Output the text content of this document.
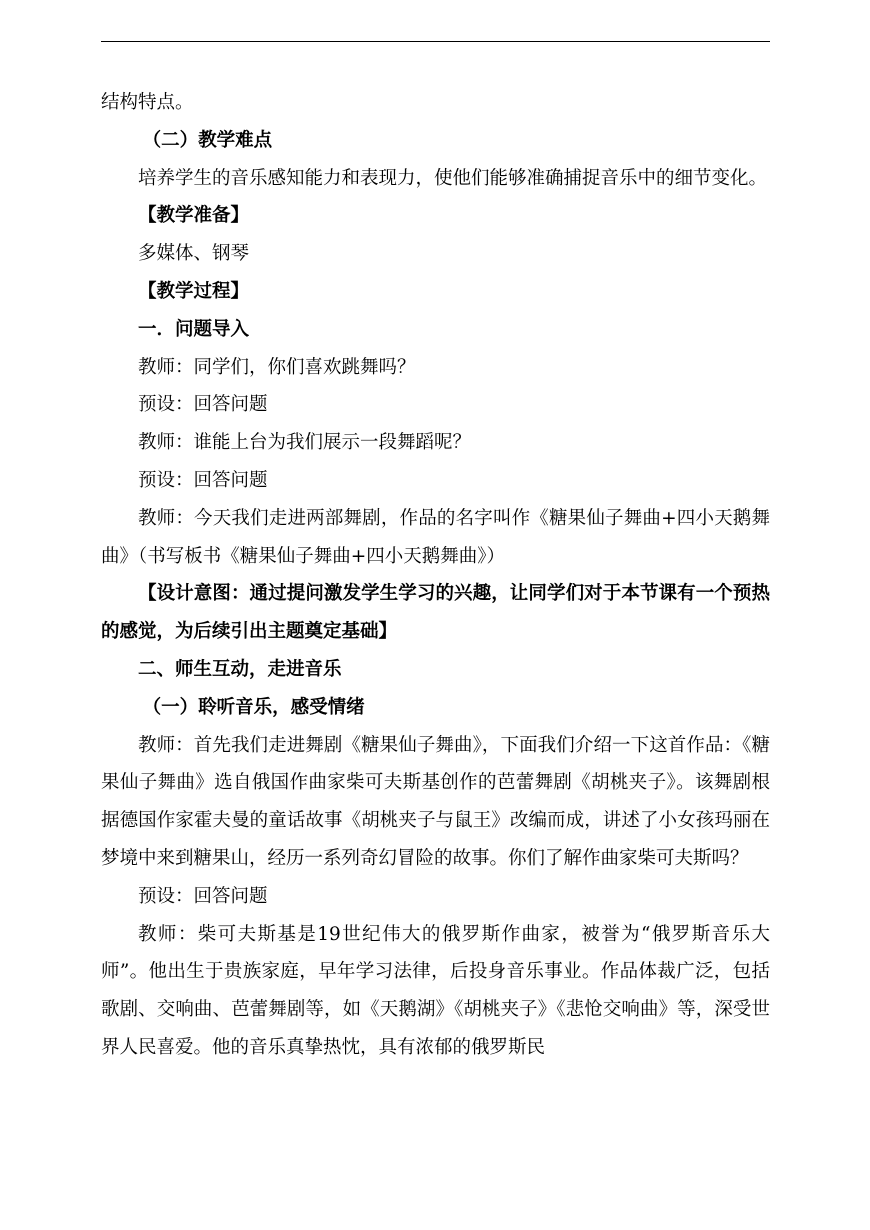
结构特点。

（二）教学难点

培养学生的音乐感知能力和表现力，使他们能够准确捕捉音乐中的细节变化。

【教学准备】

多媒体、钢琴

【教学过程】

一．问题导入

教师：同学们，你们喜欢跳舞吗？

预设：回答问题

教师：谁能上台为我们展示一段舞蹈呢？

预设：回答问题

教师：今天我们走进两部舞剧，作品的名字叫作《糖果仙子舞曲+四小天鹅舞曲》（书写板书《糖果仙子舞曲+四小天鹅舞曲》）

【设计意图：通过提问激发学生学习的兴趣，让同学们对于本节课有一个预热的感觉，为后续引出主题奠定基础】

二、师生互动，走进音乐

（一）聆听音乐，感受情绪

教师：首先我们走进舞剧《糖果仙子舞曲》，下面我们介绍一下这首作品：《糖果仙子舞曲》选自俄国作曲家柴可夫斯基创作的芭蕾舞剧《胡桃夹子》。该舞剧根据德国作家霍夫曼的童话故事《胡桃夹子与鼠王》改编而成，讲述了小女孩玛丽在梦境中来到糖果山，经历一系列奇幻冒险的故事。你们了解作曲家柴可夫斯吗？

预设：回答问题

教师：柴可夫斯基是19世纪伟大的俄罗斯作曲家，被誉为“俄罗斯音乐大师”。他出生于贵族家庭，早年学习法律，后投身音乐事业。作品体裁广泛，包括歌剧、交响曲、芭蕾舞剧等，如《天鹅湖》《胡桃夹子》《悲怆交响曲》等，深受世界人民喜爱。他的音乐真挚热忱，具有浓郁的俄罗斯民
